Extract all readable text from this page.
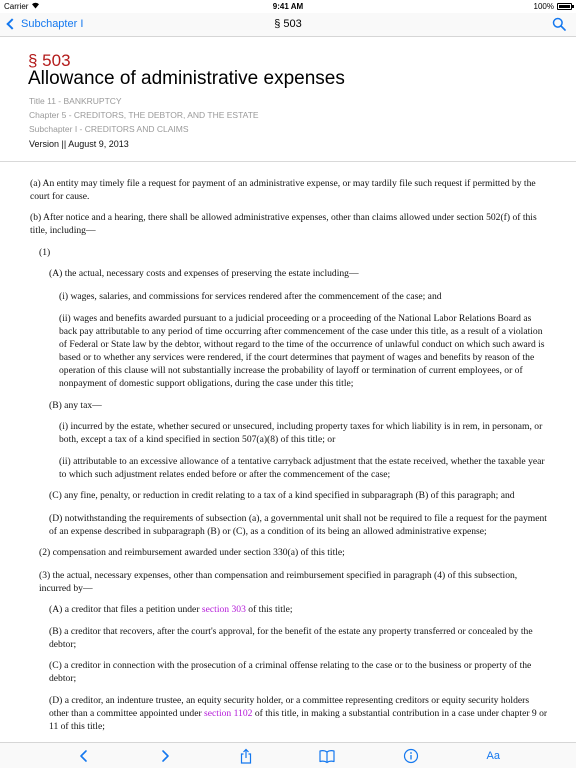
Carrier	9:41 AM	100%
Subchapter I	§ 503
§ 503
Allowance of administrative expenses
Title 11 - BANKRUPTCY
Chapter 5 - CREDITORS, THE DEBTOR, AND THE ESTATE
Subchapter I - CREDITORS AND CLAIMS
Version || August 9, 2013
(a) An entity may timely file a request for payment of an administrative expense, or may tardily file such request if permitted by the court for cause.
(b) After notice and a hearing, there shall be allowed administrative expenses, other than claims allowed under section 502(f) of this title, including—
(1)
(A) the actual, necessary costs and expenses of preserving the estate including—
(i) wages, salaries, and commissions for services rendered after the commencement of the case; and
(ii) wages and benefits awarded pursuant to a judicial proceeding or a proceeding of the National Labor Relations Board as back pay attributable to any period of time occurring after commencement of the case under this title, as a result of a violation of Federal or State law by the debtor, without regard to the time of the occurrence of unlawful conduct on which such award is based or to whether any services were rendered, if the court determines that payment of wages and benefits by reason of the operation of this clause will not substantially increase the probability of layoff or termination of current employees, or of nonpayment of domestic support obligations, during the case under this title;
(B) any tax—
(i) incurred by the estate, whether secured or unsecured, including property taxes for which liability is in rem, in personam, or both, except a tax of a kind specified in section 507(a)(8) of this title; or
(ii) attributable to an excessive allowance of a tentative carryback adjustment that the estate received, whether the taxable year to which such adjustment relates ended before or after the commencement of the case;
(C) any fine, penalty, or reduction in credit relating to a tax of a kind specified in subparagraph (B) of this paragraph; and
(D) notwithstanding the requirements of subsection (a), a governmental unit shall not be required to file a request for the payment of an expense described in subparagraph (B) or (C), as a condition of its being an allowed administrative expense;
(2) compensation and reimbursement awarded under section 330(a) of this title;
(3) the actual, necessary expenses, other than compensation and reimbursement specified in paragraph (4) of this subsection, incurred by—
(A) a creditor that files a petition under section 303 of this title;
(B) a creditor that recovers, after the court's approval, for the benefit of the estate any property transferred or concealed by the debtor;
(C) a creditor in connection with the prosecution of a criminal offense relating to the case or to the business or property of the debtor;
(D) a creditor, an indenture trustee, an equity security holder, or a committee representing creditors or equity security holders other than a committee appointed under section 1102 of this title, in making a substantial contribution in a case under chapter 9 or 11 of this title;
Aa
